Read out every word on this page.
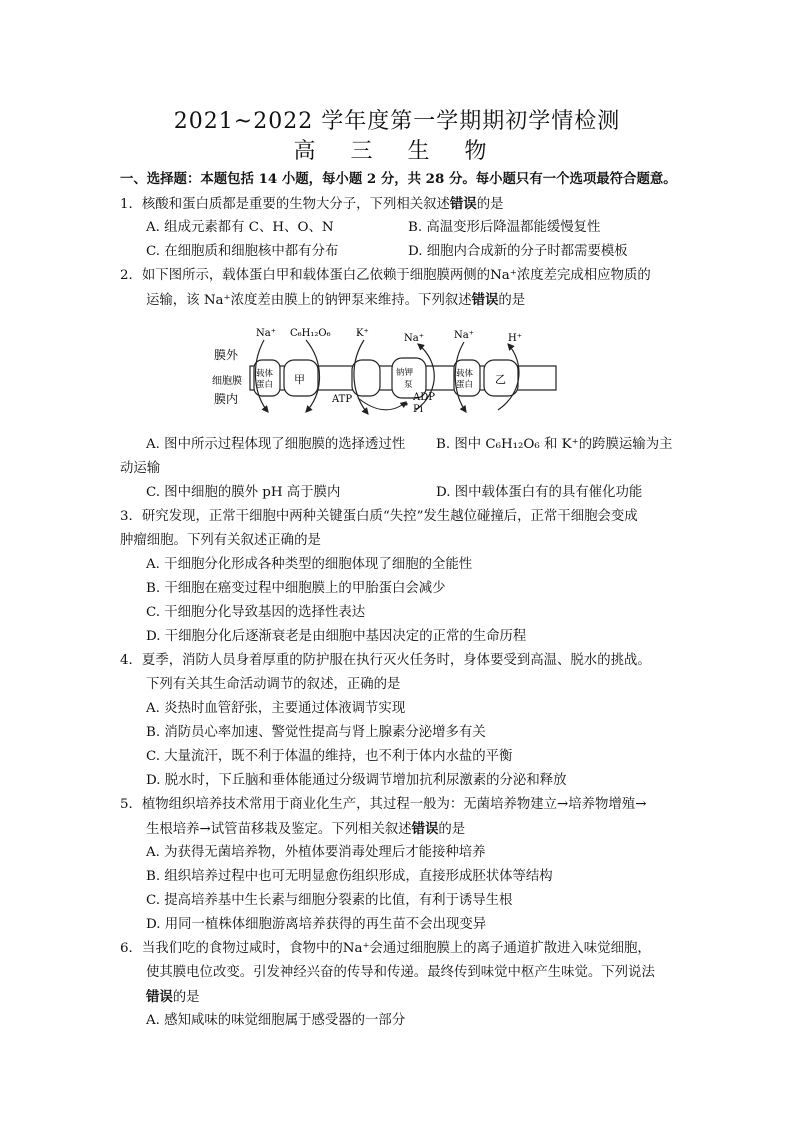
2021~2022 学年度第一学期期初学情检测
高 三 生 物
一、选择题：本题包括 14 小题，每小题 2 分，共 28 分。每小题只有一个选项最符合题意。
1．核酸和蛋白质都是重要的生物大分子，下列相关叙述错误的是
A. 组成元素都有 C、H、O、N	B. 高温变形后降温都能缓慢复性
C. 在细胞质和细胞核中都有分布	D. 细胞内合成新的分子时都需要模板
2．如下图所示，载体蛋白甲和载体蛋白乙依赖于细胞膜两侧的Na⁺浓度差完成相应物质的
运输，该 Na⁺浓度差由膜上的钠钾泵来维持。下列叙述错误的是
膜外
细胞膜
膜内
载体
蛋白 甲	钠钾
泵
载体
蛋白 乙
Na⁺ C₆H₁₂O₆	K⁺	Na⁺	Na⁺	H⁺
ATP	ADP
Pi
A. 图中所示过程体现了细胞膜的选择透过性 B. 图中 C₆H₁₂O₆ 和 K⁺的跨膜运输为主
动运输
C. 图中细胞的膜外 pH 高于膜内	D. 图中载体蛋白有的具有催化功能
3．研究发现，正常干细胞中两种关键蛋白质“失控”发生越位碰撞后，正常干细胞会变成
肿瘤细胞。下列有关叙述正确的是
A. 干细胞分化形成各种类型的细胞体现了细胞的全能性
B. 干细胞在癌变过程中细胞膜上的甲胎蛋白会减少
C. 干细胞分化导致基因的选择性表达
D. 干细胞分化后逐渐衰老是由细胞中基因决定的正常的生命历程
4．夏季，消防人员身着厚重的防护服在执行灭火任务时，身体要受到高温、脱水的挑战。
下列有关其生命活动调节的叙述，正确的是
A. 炎热时血管舒张，主要通过体液调节实现
B. 消防员心率加速、警觉性提高与肾上腺素分泌增多有关
C. 大量流汗，既不利于体温的维持，也不利于体内水盐的平衡
D. 脱水时，下丘脑和垂体能通过分级调节增加抗利尿激素的分泌和释放
5．植物组织培养技术常用于商业化生产，其过程一般为：无菌培养物建立→培养物增殖→
生根培养→试管苗移栽及鉴定。下列相关叙述错误的是
A. 为获得无菌培养物，外植体要消毒处理后才能接种培养
B. 组织培养过程中也可无明显愈伤组织形成，直接形成胚状体等结构
C. 提高培养基中生长素与细胞分裂素的比值，有利于诱导生根
D. 用同一植株体细胞游离培养获得的再生苗不会出现变异
6．当我们吃的食物过咸时，食物中的Na⁺会通过细胞膜上的离子通道扩散进入味觉细胞，
使其膜电位改变。引发神经兴奋的传导和传递。最终传到味觉中枢产生味觉。下列说法
错误的是
A. 感知咸味的味觉细胞属于感受器的一部分
